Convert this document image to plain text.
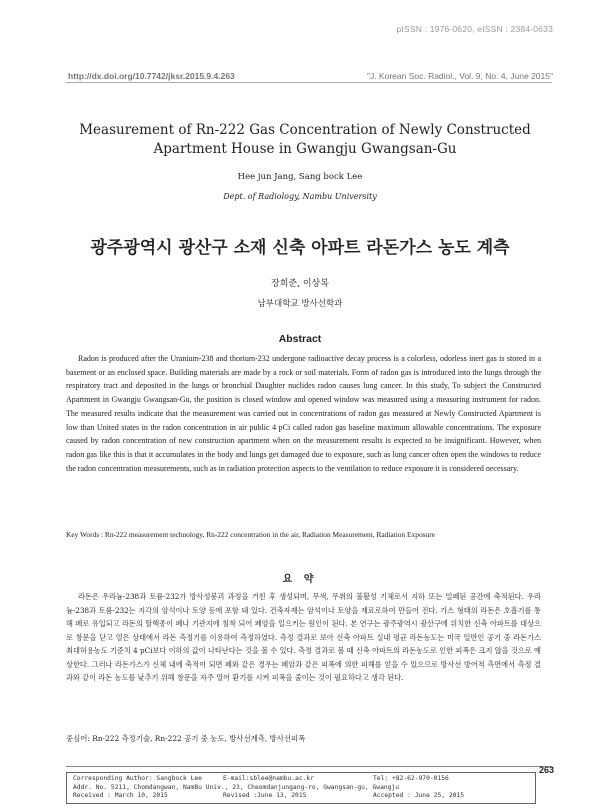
pISSN : 1976-0620, eISSN : 2384-0633
http://dx.doi.org/10.7742/jksr.2015.9.4.263	"J. Korean Soc. Radiol., Vol. 9, No. 4, June 2015"
Measurement of Rn-222 Gas Concentration of Newly Constructed Apartment House in Gwangju Gwangsan-Gu
Hee jun Jang, Sang bock Lee
Dept. of Radiology, Nambu University
광주광역시 광산구 소재 신축 아파트 라돈가스 농도 계측
장희준, 이상복
남부대학교 방사선학과
Abstract
Radon is produced after the Uranium-238 and thorium-232 undergone radioactive decay process is a colorless, odorless inert gas is stored in a basement or an enclosed space. Building materials are made by a rock or soil materials. Form of radon gas is introduced into the lungs through the respiratory tract and deposited in the lungs or bronchial Daughter nuclides radon causes lung cancer. In this study, To subject the Constructed Apartment in Gwangju Gwangsan-Gu, the position is closed window and opened window was measured using a measuring instrument for radon. The measured results indicate that the measurement was carried out in concentrations of radon gas measured at Newly Constructed Apartment is low than United states in the radon concentration in air public 4 pCi called radon gas baseline maximum allowable concentrations. The exposure caused by radon concentration of new construction apartment when on the measurement results is expected to be insignificant. However, when radon gas like this is that it accumulates in the body and lungs get damaged due to exposure, such as lung cancer often open the windows to reduce the radon concentration measurements, such as in radiation protection aspects to the ventilation to reduce exposure it is considered necessary.
Key Words : Rn-222 measurement technology, Rn-222 concentration in the air, Radiation Measurement, Radiation Exposure
요 약
라돈은 우라늄-238과 토륨-232가 방사성붕괴 과정을 거친 후 생성되며, 무색, 무취의 불활성 기체로서 지하 또는 밀폐된 공간에 축적된다. 우라늄-238과 토륨-232는 지각의 암석이나 토양 등에 포함 돼 있다. 건축자재는 암석이나 토양을 재료로하여 만들어 진다. 가스 형태의 라돈은 호흡기를 통해 폐로 유입되고 라돈의 딸핵종이 폐나 기관지에 침착 되어 폐암을 일으키는 원인이 된다. 본 연구는 광주광역시 광산구에 위치한 신축 아파트를 대상으로 창문을 닫고 열은 상태에서 라돈 측정기를 이용하여 측정하였다. 측정 결과로 보아 신축 아파트 실내 평균 라돈농도는 미국 일반인 공기 중 라돈가스 최대허용농도 기준치 4 pCi보다 이하의 값이 나타난다는 것을 볼 수 있다. 측정 결과로 볼 때 신축 아파트의 라돈농도로 인한 피폭은 크지 않을 것으로 예상한다. 그러나 라돈가스가 신체 내에 축적이 되면 폐와 같은 경우는 폐암과 같은 피폭에 의한 피해를 얻을 수 있으므로 방사선 방어적 측면에서 측정 결과와 같이 라돈 농도를 낮추기 위해 창문을 자주 열어 환기를 시켜 피폭을 줄이는 것이 필요하다고 생각 된다.
중심어: Rn-222 측정기술, Rn-222 공기 중 농도, 방사선계측, 방사선피폭
263
Corresponding Author: Sangbock Lee	E-mail:sblee@nambu.ac.kr	Tel: +82-62-970-0156
Addr. No. 5211, Chomdangwan, NamBu Univ., 23, Cheomdanjungang-ro, Gwangsan-gu, Gwangju
Received : March 10, 2015	Revised :June 13, 2015	Accepted : June 25, 2015
